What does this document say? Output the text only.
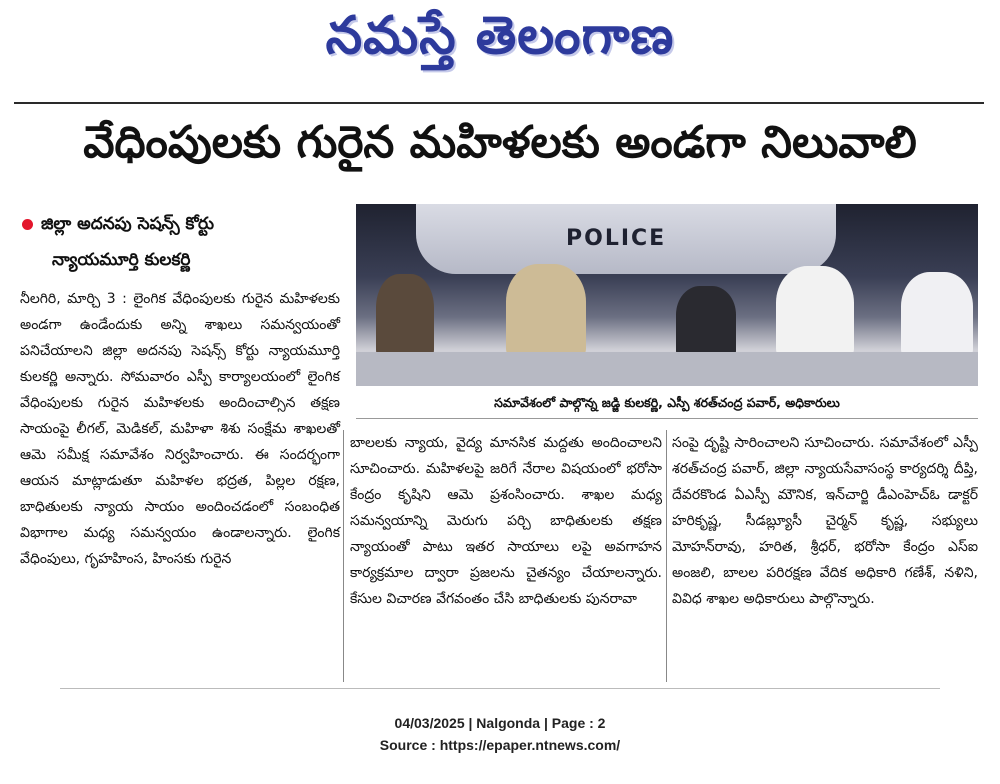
నమస్తే తెలంగాణ
వేధింపులకు గురైన మహిళలకు అండగా నిలువాలి
జిల్లా అదనపు సెషన్స్ కోర్టు
న్యాయమూర్తి కులకర్ణి
POLICE
సమావేశంలో పాల్గొన్న జడ్జి కులకర్ణి, ఎస్పీ శరత్‌చంద్ర పవార్, అధికారులు

నీలగిరి, మార్చి 3 : లైంగిక వేధింపులకు గురైన మహిళలకు అండగా ఉండేందుకు అన్ని శాఖలు సమన్వయంతో పనిచేయాలని జిల్లా అదనపు సెషన్స్ కోర్టు న్యాయమూర్తి కులకర్ణి అన్నారు. సోమవారం ఎస్పీ కార్యాలయంలో లైంగిక వేధింపులకు గురైన మహిళలకు అందించాల్సిన తక్షణ సాయంపై లీగల్, మెడికల్, మహిళా శిశు సంక్షేమ శాఖలతో ఆమె సమీక్ష సమావేశం నిర్వహించారు. ఈ సందర్భంగా ఆయన మాట్లాడుతూ మహిళల భద్రత, పిల్లల రక్షణ, బాధితులకు న్యాయ సాయం అందించడంలో సంబంధిత విభాగాల మధ్య సమన్వయం ఉండాలన్నారు. లైంగిక వేధింపులు, గృహహింస, హింసకు గురైన

బాలలకు న్యాయ, వైద్య మానసిక మద్దతు అందించాలని సూచించారు. మహిళలపై జరిగే నేరాల విషయంలో భరోసా కేంద్రం కృషిని ఆమె ప్రశంసించారు. శాఖల మధ్య సమన్వయాన్ని మెరుగు పర్చి బాధితులకు తక్షణ న్యాయంతో పాటు ఇతర సాయాలు లపై అవగాహన కార్యక్రమాల ద్వారా ప్రజలను చైతన్యం చేయాలన్నారు. కేసుల విచారణ వేగవంతం చేసి బాధితులకు పునరావా

సంపై దృష్టి సారించాలని సూచించారు. సమావేశంలో ఎస్పీ శరత్‌చంద్ర పవార్, జిల్లా న్యాయసేవాసంస్థ కార్యదర్శి దీప్తి, దేవరకొండ ఏఎస్పీ మౌనిక, ఇన్‌చార్జి డీఎంహెచ్‌ఓ డాక్టర్ హరికృష్ణ, సీడబ్ల్యూసీ చైర్మన్ కృష్ణ, సభ్యులు మోహన్‌రావు, హరిత, శ్రీధర్, భరోసా కేంద్రం ఎస్‌ఐ అంజలి, బాలల పరిరక్షణ వేదిక అధికారి గణేశ్, నళిని, వివిధ శాఖల అధికారులు పాల్గొన్నారు.

04/03/2025 | Nalgonda | Page : 2
Source : https://epaper.ntnews.com/
